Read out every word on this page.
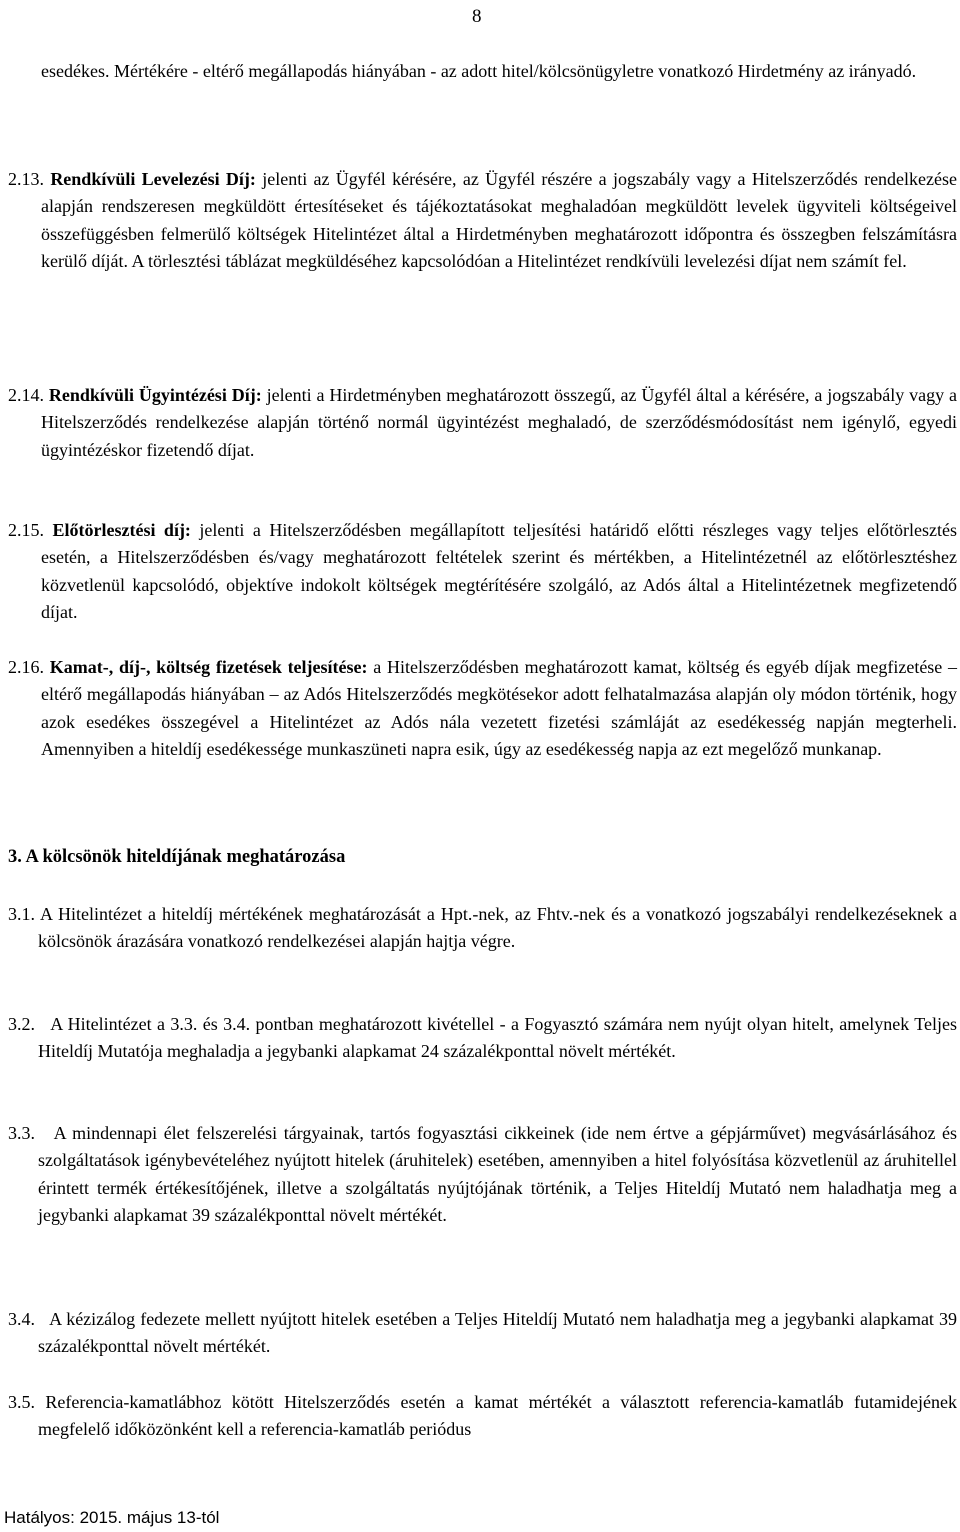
8
esedékes. Mértékére - eltérő megállapodás hiányában - az adott hitel/kölcsönügyletre vonatkozó Hirdetmény az irányadó.
2.13. Rendkívüli Levelezési Díj: jelenti az Ügyfél kérésére, az Ügyfél részére a jogszabály vagy a Hitelszerződés rendelkezése alapján rendszeresen megküldött értesítéseket és tájékoztatásokat meghaladóan megküldött levelek ügyviteli költségeivel összefüggésben felmerülő költségek Hitelintézet által a Hirdetményben meghatározott időpontra és összegben felszámításra kerülő díját. A törlesztési táblázat megküldéséhez kapcsolódóan a Hitelintézet rendkívüli levelezési díjat nem számít fel.
2.14. Rendkívüli Ügyintézési Díj: jelenti a Hirdetményben meghatározott összegű, az Ügyfél által a kérésére, a jogszabály vagy a Hitelszerződés rendelkezése alapján történő normál ügyintézést meghaladó, de szerződésmódosítást nem igénylő, egyedi ügyintézéskor fizetendő díjat.
2.15. Előtörlesztési díj: jelenti a Hitelszerződésben megállapított teljesítési határidő előtti részleges vagy teljes előtörlesztés esetén, a Hitelszerződésben és/vagy meghatározott feltételek szerint és mértékben, a Hitelintézetnél az előtörlesztéshez közvetlenül kapcsolódó, objektíve indokolt költségek megtérítésére szolgáló, az Adós által a Hitelintézetnek megfizetendő díjat.
2.16. Kamat-, díj-, költség fizetések teljesítése: a Hitelszerződésben meghatározott kamat, költség és egyéb díjak megfizetése – eltérő megállapodás hiányában – az Adós Hitelszerződés megkötésekor adott felhatalmazása alapján oly módon történik, hogy azok esedékes összegével a Hitelintézet az Adós nála vezetett fizetési számláját az esedékesség napján megterheli. Amennyiben a hiteldíj esedékessége munkaszüneti napra esik, úgy az esedékesség napja az ezt megelőző munkanap.
3. A kölcsönök hiteldíjának meghatározása
3.1. A Hitelintézet a hiteldíj mértékének meghatározását a Hpt.-nek, az Fhtv.-nek és a vonatkozó jogszabályi rendelkezéseknek a kölcsönök árazására vonatkozó rendelkezései alapján hajtja végre.
3.2. A Hitelintézet a 3.3. és 3.4. pontban meghatározott kivétellel - a Fogyasztó számára nem nyújt olyan hitelt, amelynek Teljes Hiteldíj Mutatója meghaladja a jegybanki alapkamat 24 százalékponttal növelt mértékét.
3.3. A mindennapi élet felszerelési tárgyainak, tartós fogyasztási cikkeinek (ide nem értve a gépjárművet) megvásárlásához és szolgáltatások igénybevételéhez nyújtott hitelek (áruhitelek) esetében, amennyiben a hitel folyósítása közvetlenül az áruhitellel érintett termék értékesítőjének, illetve a szolgáltatás nyújtójának történik, a Teljes Hiteldíj Mutató nem haladhatja meg a jegybanki alapkamat 39 százalékponttal növelt mértékét.
3.4. A kézizálog fedezete mellett nyújtott hitelek esetében a Teljes Hiteldíj Mutató nem haladhatja meg a jegybanki alapkamat 39 százalékponttal növelt mértékét.
3.5. Referencia-kamatlábhoz kötött Hitelszerződés esetén a kamat mértékét a választott referencia-kamatláb futamidejének megfelelő időközönként kell a referencia-kamatláb periódus
Hatályos: 2015. május 13-tól
